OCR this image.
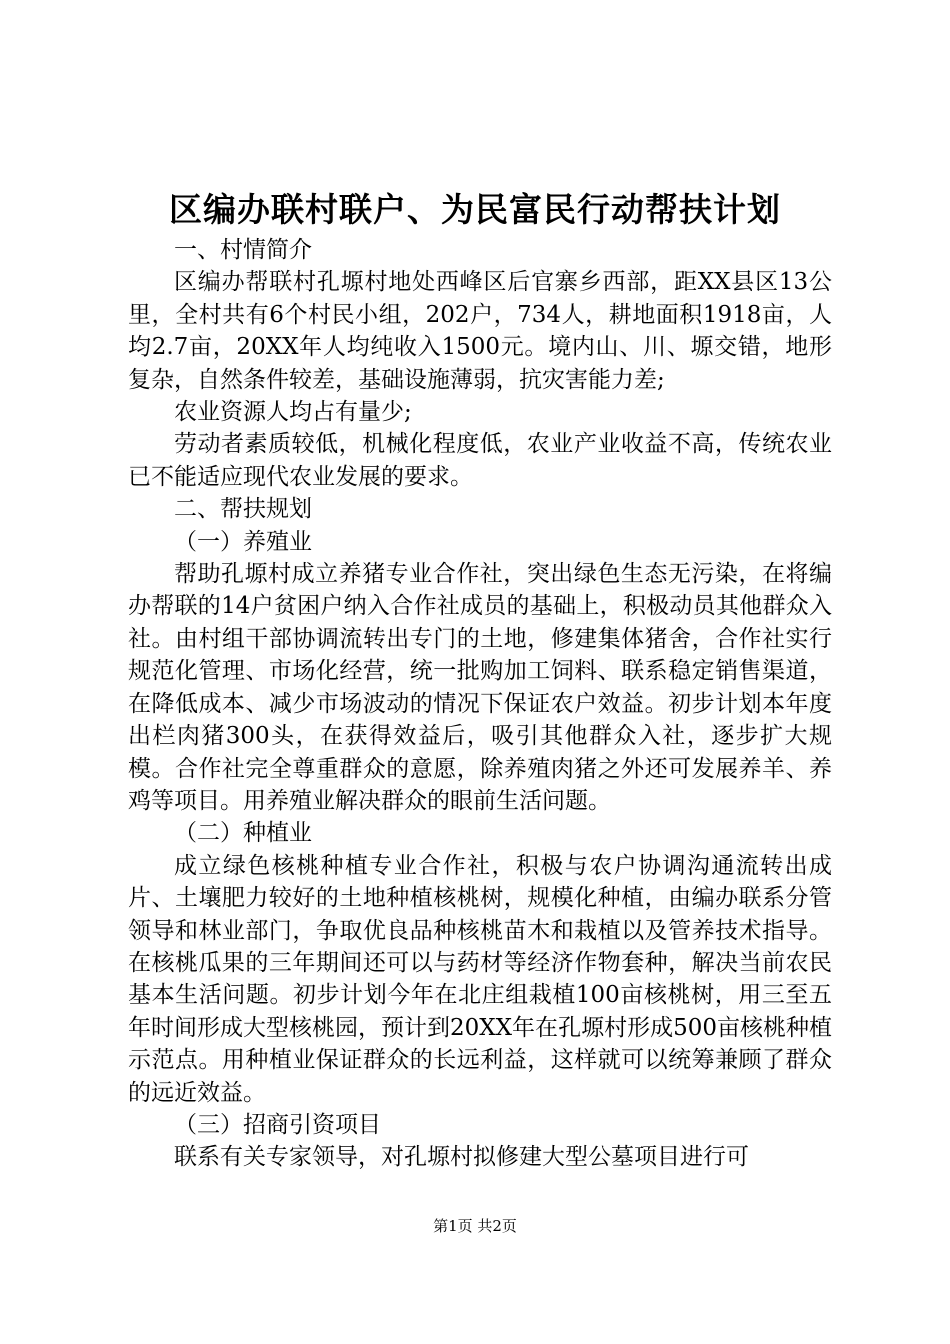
区编办联村联户、为民富民行动帮扶计划

一、村情简介

区编办帮联村孔塬村地处西峰区后官寨乡西部，距XX县区13公里，全村共有6个村民小组，202户，734人，耕地面积1918亩，人均2.7亩，20XX年人均纯收入1500元。境内山、川、塬交错，地形复杂，自然条件较差，基础设施薄弱，抗灾害能力差;

农业资源人均占有量少;

劳动者素质较低，机械化程度低，农业产业收益不高，传统农业已不能适应现代农业发展的要求。

二、帮扶规划

（一）养殖业

帮助孔塬村成立养猪专业合作社，突出绿色生态无污染，在将编办帮联的14户贫困户纳入合作社成员的基础上，积极动员其他群众入社。由村组干部协调流转出专门的土地，修建集体猪舍，合作社实行规范化管理、市场化经营，统一批购加工饲料、联系稳定销售渠道，在降低成本、减少市场波动的情况下保证农户效益。初步计划本年度出栏肉猪300头，在获得效益后，吸引其他群众入社，逐步扩大规模。合作社完全尊重群众的意愿，除养殖肉猪之外还可发展养羊、养鸡等项目。用养殖业解决群众的眼前生活问题。

（二）种植业

成立绿色核桃种植专业合作社，积极与农户协调沟通流转出成片、土壤肥力较好的土地种植核桃树，规模化种植，由编办联系分管领导和林业部门，争取优良品种核桃苗木和栽植以及管养技术指导。在核桃瓜果的三年期间还可以与药材等经济作物套种，解决当前农民基本生活问题。初步计划今年在北庄组栽植100亩核桃树，用三至五年时间形成大型核桃园，预计到20XX年在孔塬村形成500亩核桃种植示范点。用种植业保证群众的长远利益，这样就可以统筹兼顾了群众的远近效益。

（三）招商引资项目

联系有关专家领导，对孔塬村拟修建大型公墓项目进行可

第1页 共2页
